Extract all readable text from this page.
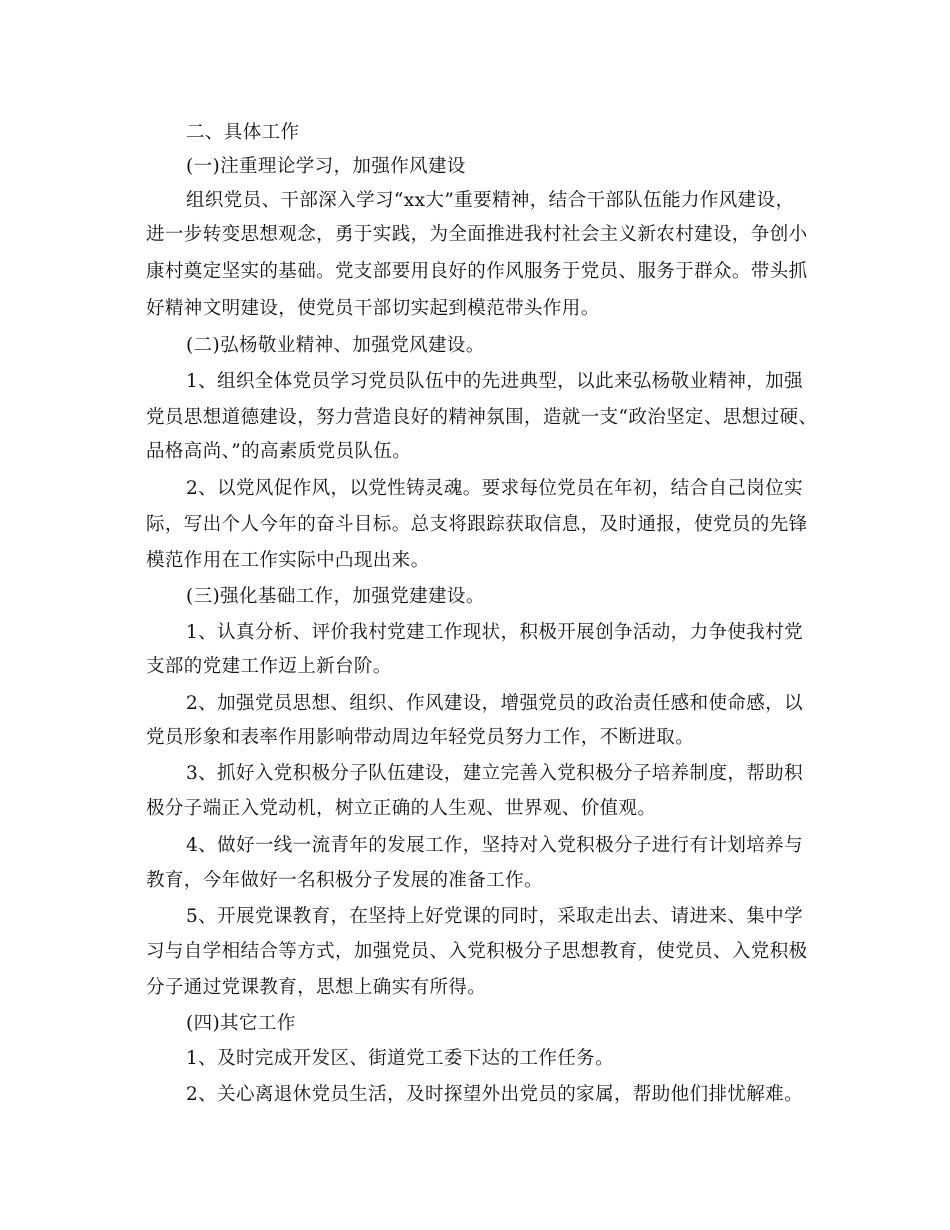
二、具体工作
(一)注重理论学习，加强作风建设
组织党员、干部深入学习“xx大”重要精神，结合干部队伍能力作风建设，
进一步转变思想观念，勇于实践，为全面推进我村社会主义新农村建设，争创小
康村奠定坚实的基础。党支部要用良好的作风服务于党员、服务于群众。带头抓
好精神文明建设，使党员干部切实起到模范带头作用。
(二)弘杨敬业精神、加强党风建设。
1、组织全体党员学习党员队伍中的先进典型，以此来弘杨敬业精神，加强
党员思想道德建设，努力营造良好的精神氛围，造就一支“政治坚定、思想过硬、
品格高尚、”的高素质党员队伍。
2、以党风促作风，以党性铸灵魂。要求每位党员在年初，结合自己岗位实
际，写出个人今年的奋斗目标。总支将跟踪获取信息，及时通报，使党员的先锋
模范作用在工作实际中凸现出来。
(三)强化基础工作，加强党建建设。
1、认真分析、评价我村党建工作现状，积极开展创争活动，力争使我村党
支部的党建工作迈上新台阶。
2、加强党员思想、组织、作风建设，增强党员的政治责任感和使命感，以
党员形象和表率作用影响带动周边年轻党员努力工作，不断进取。
3、抓好入党积极分子队伍建设，建立完善入党积极分子培养制度，帮助积
极分子端正入党动机，树立正确的人生观、世界观、价值观。
4、做好一线一流青年的发展工作，坚持对入党积极分子进行有计划培养与
教育，今年做好一名积极分子发展的准备工作。
5、开展党课教育，在坚持上好党课的同时，采取走出去、请进来、集中学
习与自学相结合等方式，加强党员、入党积极分子思想教育，使党员、入党积极
分子通过党课教育，思想上确实有所得。
(四)其它工作
1、及时完成开发区、街道党工委下达的工作任务。
2、关心离退休党员生活，及时探望外出党员的家属，帮助他们排忧解难。
